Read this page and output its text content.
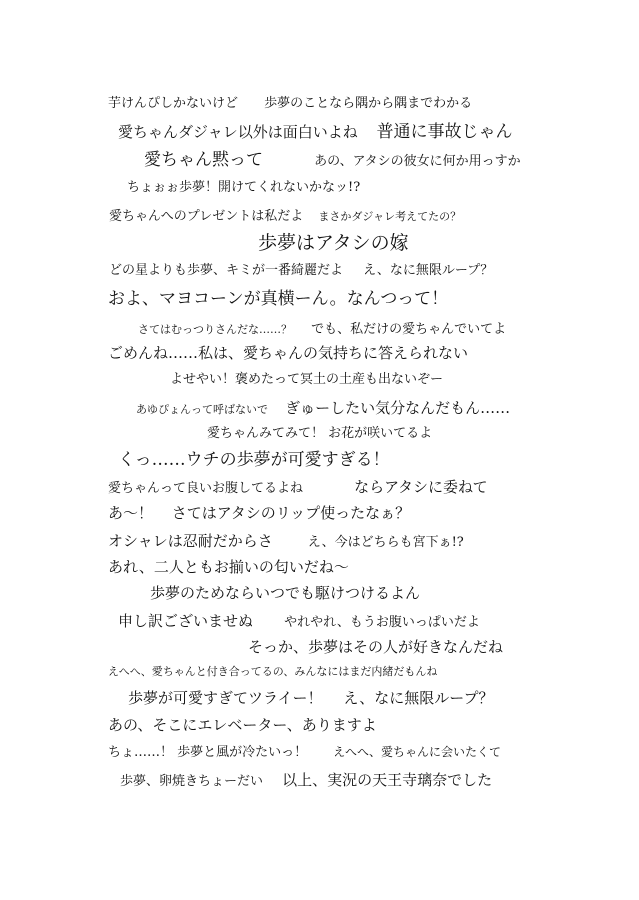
芋けんぴしかないけど 歩夢のことなら隅から隅までわかる
愛ちゃんダジャレ以外は面白いよね 普通に事故じゃん
愛ちゃん黙って	あの、アタシの彼女に何か用っすか
ちょぉぉ歩夢！開けてくれないかなッ!?
愛ちゃんへのプレゼントは私だよ まさかダジャレ考えてたの？
歩夢はアタシの嫁
どの星よりも歩夢、キミが一番綺麗だよ え、なに無限ループ？
およ、マヨコーンが真横ーん。なんつって！
さてはむっつりさんだな……？ でも、私だけの愛ちゃんでいてよ
ごめんね……私は、愛ちゃんの気持ちに答えられない
よせやい！褒めたって冥土の土産も出ないぞー
あゆぴょんって呼ばないで ぎゅーしたい気分なんだもん……
愛ちゃんみてみて！ お花が咲いてるよ
くっ……ウチの歩夢が可愛すぎる！
愛ちゃんって良いお腹してるよね	ならアタシに委ねて
あ〜！ さてはアタシのリップ使ったなぁ？
オシャレは忍耐だからさ	え、今はどちらも宮下ぁ!?
あれ、二人ともお揃いの匂いだね〜
歩夢のためならいつでも駆けつけるよん
申し訳ございませぬ やれやれ、もうお腹いっぱいだよ
そっか、歩夢はその人が好きなんだね
えへへ、愛ちゃんと付き合ってるの、みんなにはまだ内緒だもんね
歩夢が可愛すぎてツライー！ え、なに無限ループ？
あの、そこにエレベーター、ありますよ
ちょ……！ 歩夢と風が冷たいっ！ えへへ、愛ちゃんに会いたくて
歩夢、卵焼きちょーだい 以上、実況の天王寺璃奈でした
